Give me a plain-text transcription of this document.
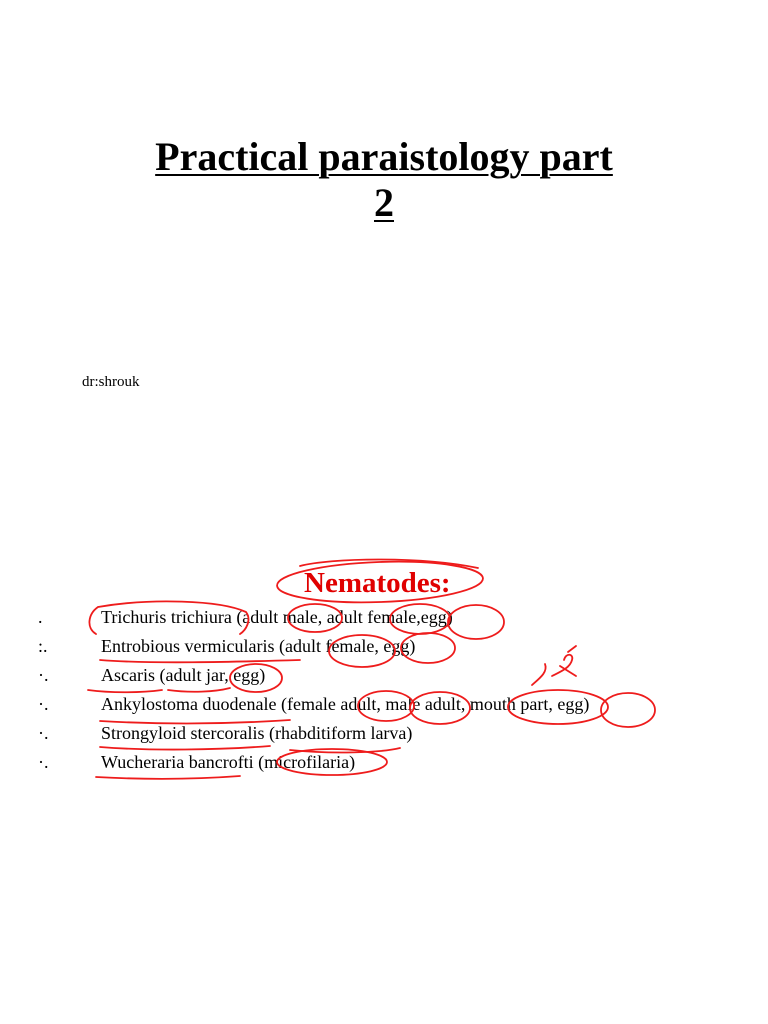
Practical paraistology part
2
dr:shrouk
Nematodes:
.	Trichuris trichiura (adult male, adult female,egg)
:.	Entrobious vermicularis (adult female, egg)
·.	Ascaris (adult jar, egg)
·.	Ankylostoma duodenale (female adult, male adult, mouth part, egg)
·.	Strongyloid stercoralis (rhabditiform larva)
·.	Wucheraria bancrofti (microfilaria)
